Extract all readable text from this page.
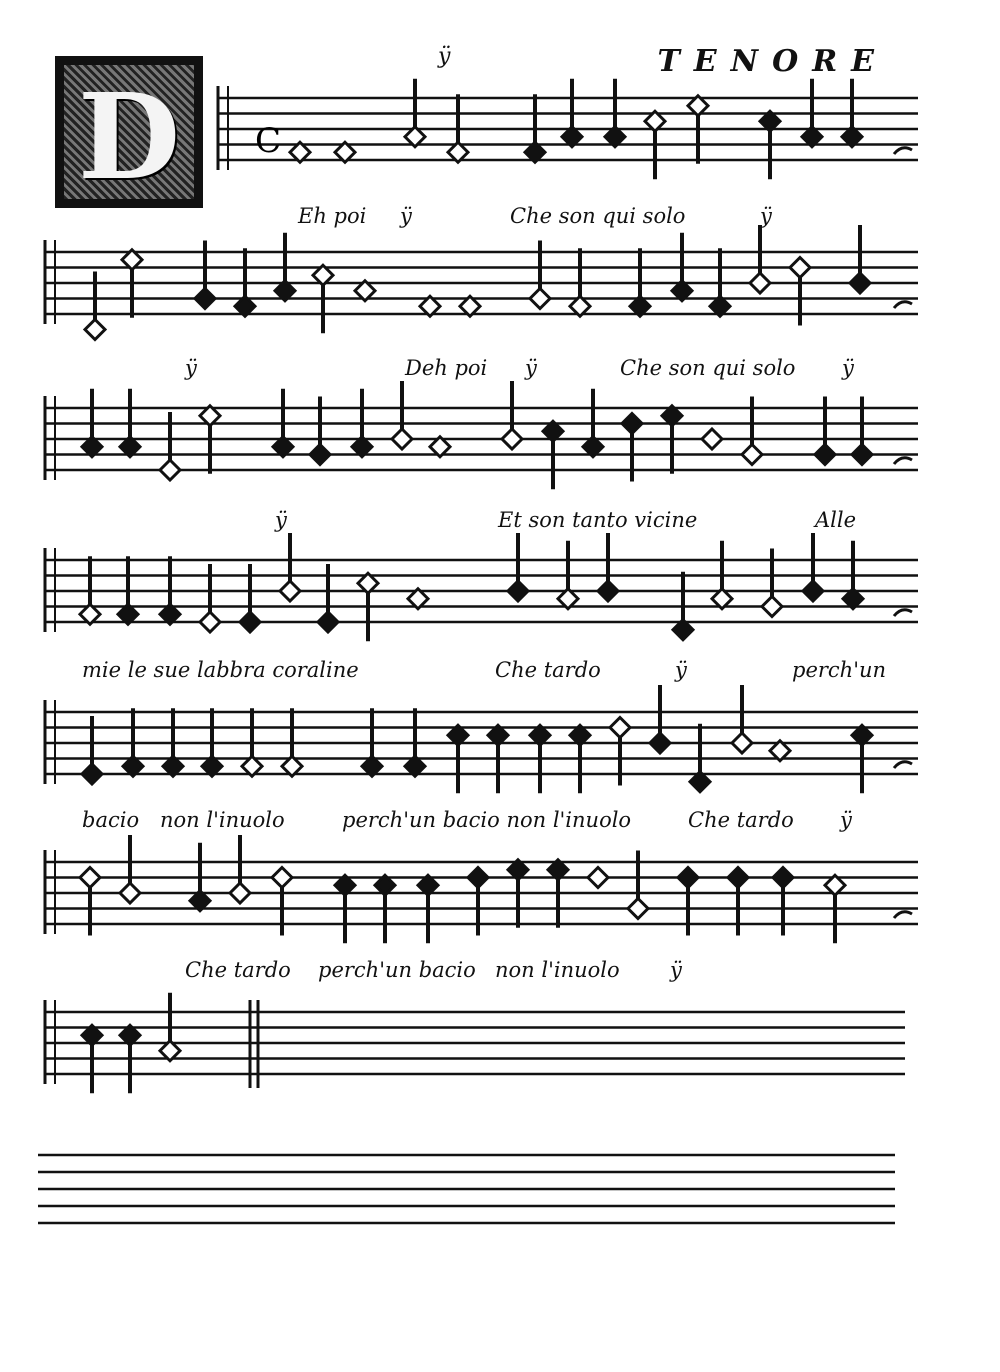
D
ÿ	TENORE
C
Eh poi ÿ	Che son qui solo	ÿ
ÿ	Deh poi ÿ	Che son qui solo ÿ
ÿ	Et son tanto vicine	Alle
mie le sue labbra coraline	Che tardo	ÿ	perch'un
bacio non l'inuolo	perch'un bacio non l'inuolo	Che tardo ÿ
Che tardo perch'un bacio non l'inuolo ÿ
